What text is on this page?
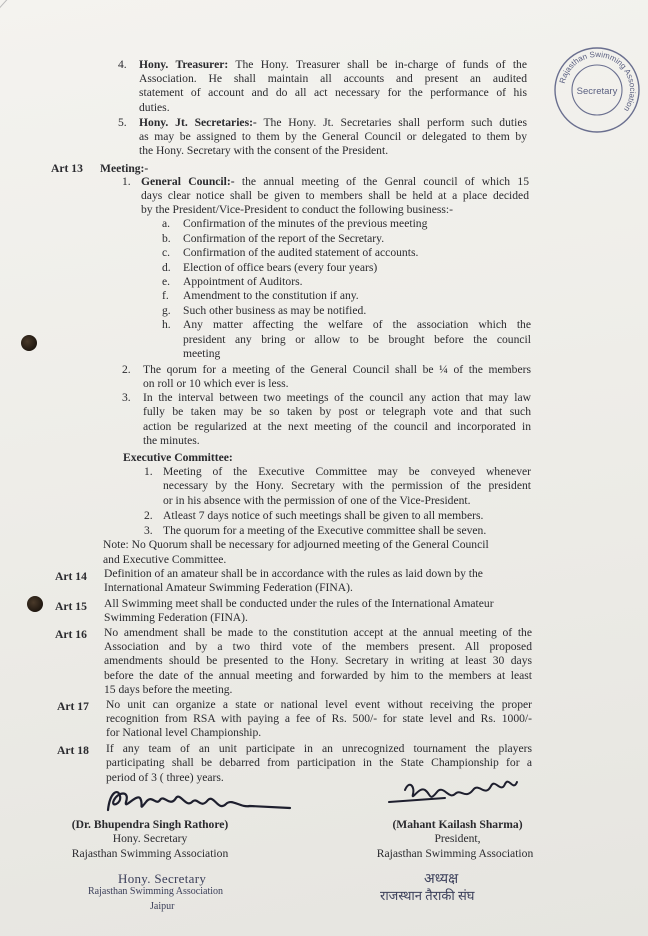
Rajasthan Swimming Association
Secretary
4. Hony. Treasurer: The Hony. Treasurer shall be in-charge of funds of the
Association. He shall maintain all accounts and present an audited
statement of account and do all act necessary for the performance of his
duties.
5. Hony. Jt. Secretaries:- The Hony. Jt. Secretaries shall perform such duties
as may be assigned to them by the General Council or delegated to them by
the Hony. Secretary with the consent of the President.
Art 13 Meeting:-
1. General Council:- the annual meeting of the Genral council of which 15
days clear notice shall be given to members shall be held at a place decided
by the President/Vice-President to conduct the following business:-
a. Confirmation of the minutes of the previous meeting
b. Confirmation of the report of the Secretary.
c. Confirmation of the audited statement of accounts.
d. Election of office bears (every four years)
e. Appointment of Auditors.
f. Amendment to the constitution if any.
g. Such other business as may be notified.
h. Any matter affecting the welfare of the association which the
president any bring or allow to be brought before the council
meeting
2. The qorum for a meeting of the General Council shall be ¼ of the members
on roll or 10 which ever is less.
3. In the interval between two meetings of the council any action that may law
fully be taken may be so taken by post or telegraph vote and that such
action be regularized at the next meeting of the council and incorporated in
the minutes.
Executive Committee:
1. Meeting of the Executive Committee may be conveyed whenever
necessary by the Hony. Secretary with the permission of the president
or in his absence with the permission of one of the Vice-President.
2. Atleast 7 days notice of such meetings shall be given to all members.
3. The quorum for a meeting of the Executive committee shall be seven.
Note: No Quorum shall be necessary for adjourned meeting of the General Council
and Executive Committee.
Art 14 Definition of an amateur shall be in accordance with the rules as laid down by the
International Amateur Swimming Federation (FINA).
Art 15 All Swimming meet shall be conducted under the rules of the International Amateur
Swimming Federation (FINA).
Art 16 No amendment shall be made to the constitution accept at the annual meeting of the
Association and by a two third vote of the members present. All proposed
amendments should be presented to the Hony. Secretary in writing at least 30 days
before the date of the annual meeting and forwarded by him to the members at least
15 days before the meeting.
Art 17 No unit can organize a state or national level event without receiving the proper
recognition from RSA with paying a fee of Rs. 500/- for state level and Rs. 1000/-
for National level Championship.
Art 18 If any team of an unit participate in an unrecognized tournament the players
participating shall be debarred from participation in the State Championship for a
period of 3 ( three) years.
(Dr. Bhupendra Singh Rathore)
Hony. Secretary
Rajasthan Swimming Association
(Mahant Kailash Sharma)
President,
Rajasthan Swimming Association
Hony. Secretary
Rajasthan Swimming Association
Jaipur
अध्यक्ष
राजस्थान तैराकी संघ
